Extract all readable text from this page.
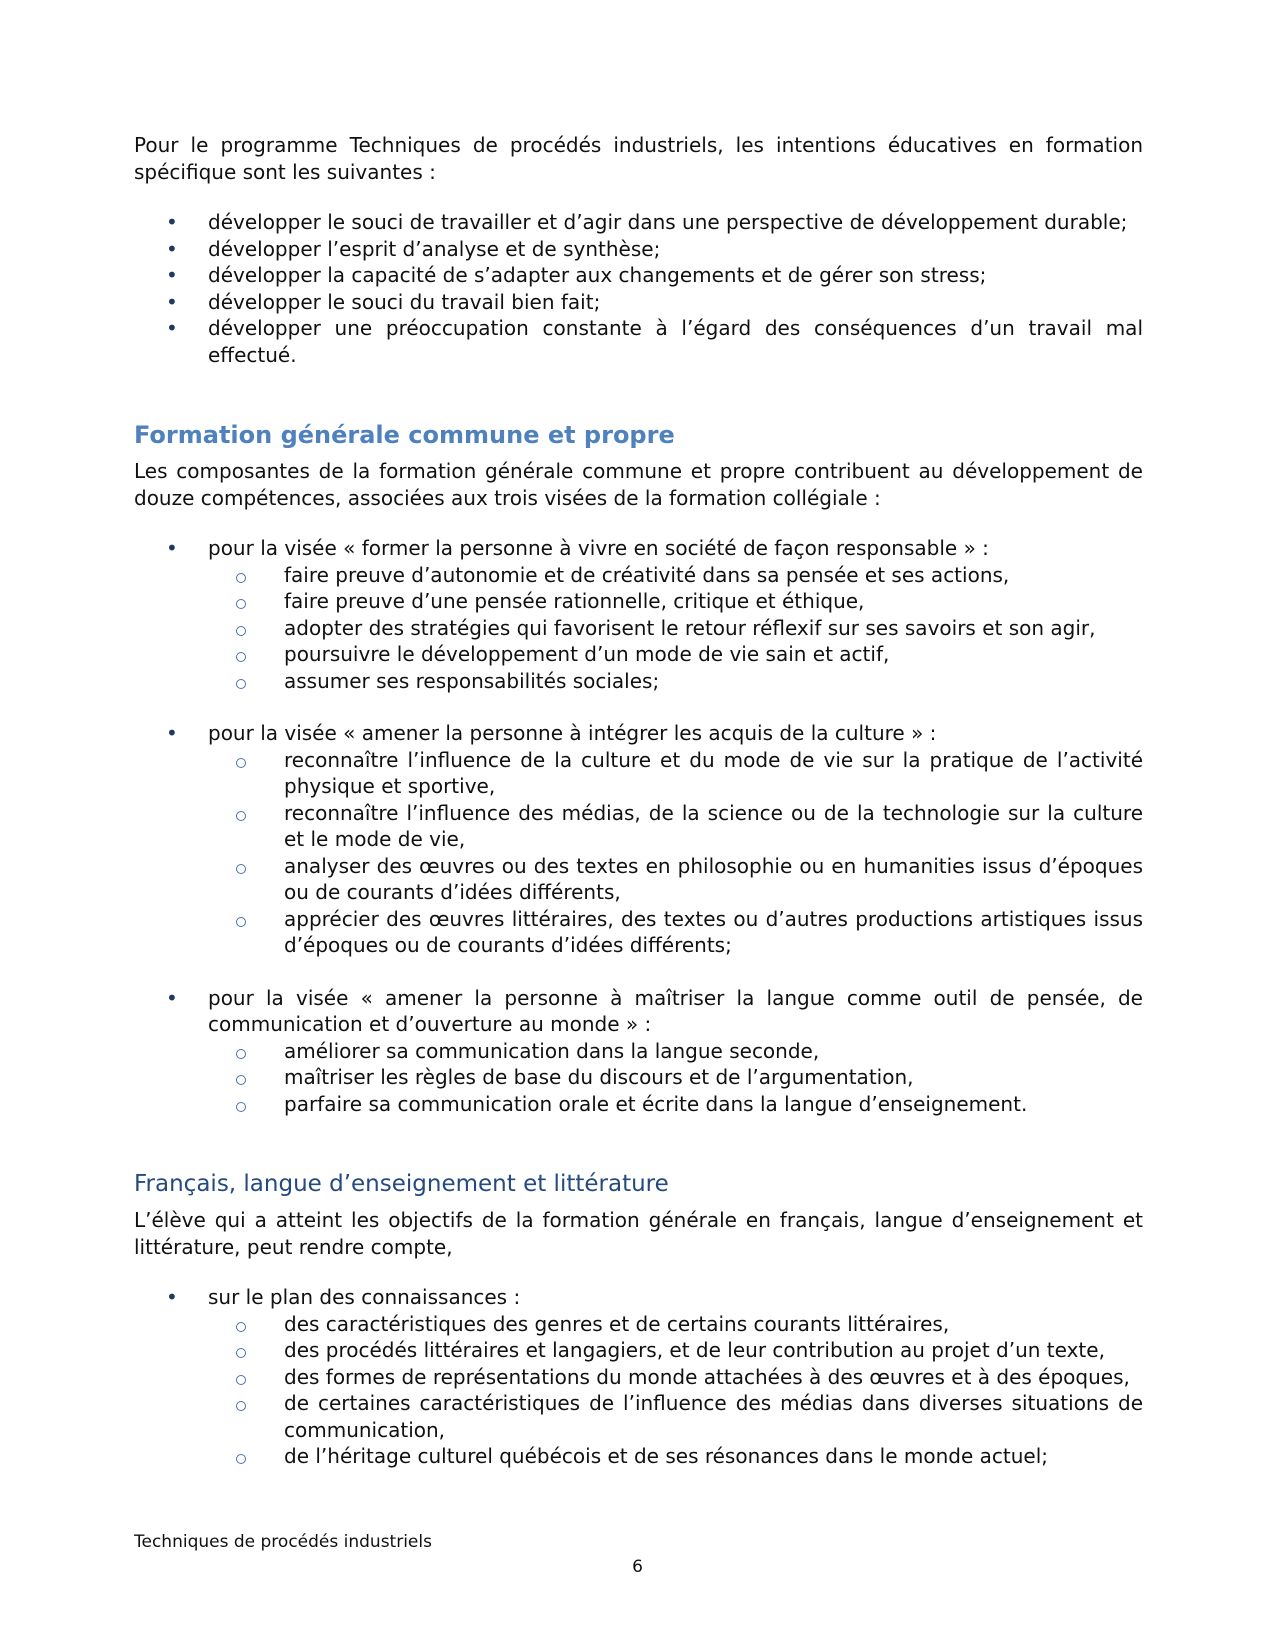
Pour le programme Techniques de procédés industriels, les intentions éducatives en formation spécifique sont les suivantes :

• développer le souci de travailler et d’agir dans une perspective de développement durable;
• développer l’esprit d’analyse et de synthèse;
• développer la capacité de s’adapter aux changements et de gérer son stress;
• développer le souci du travail bien fait;
• développer une préoccupation constante à l’égard des conséquences d’un travail mal effectué.
Formation générale commune et propre

Les composantes de la formation générale commune et propre contribuent au développement de douze compétences, associées aux trois visées de la formation collégiale :

• pour la visée « former la personne à vivre en société de façon responsable » :
faire preuve d’autonomie et de créativité dans sa pensée et ses actions,
faire preuve d’une pensée rationnelle, critique et éthique,
adopter des stratégies qui favorisent le retour réflexif sur ses savoirs et son agir,
poursuivre le développement d’un mode de vie sain et actif,
assumer ses responsabilités sociales;
• pour la visée « amener la personne à intégrer les acquis de la culture » :
reconnaître l’influence de la culture et du mode de vie sur la pratique de l’activité physique et sportive,
reconnaître l’influence des médias, de la science ou de la technologie sur la culture et le mode de vie,
analyser des œuvres ou des textes en philosophie ou en humanities issus d’époques ou de courants d’idées différents,
apprécier des œuvres littéraires, des textes ou d’autres productions artistiques issus d’époques ou de courants d’idées différents;
• pour la visée « amener la personne à maîtriser la langue comme outil de pensée, de communication et d’ouverture au monde » :
améliorer sa communication dans la langue seconde,
maîtriser les règles de base du discours et de l’argumentation,
parfaire sa communication orale et écrite dans la langue d’enseignement.
Français, langue d’enseignement et littérature

L’élève qui a atteint les objectifs de la formation générale en français, langue d’enseignement et littérature, peut rendre compte,

• sur le plan des connaissances :
des caractéristiques des genres et de certains courants littéraires,
des procédés littéraires et langagiers, et de leur contribution au projet d’un texte,
des formes de représentations du monde attachées à des œuvres et à des époques,
de certaines caractéristiques de l’influence des médias dans diverses situations de communication,
de l’héritage culturel québécois et de ses résonances dans le monde actuel;
Techniques de procédés industriels
6
